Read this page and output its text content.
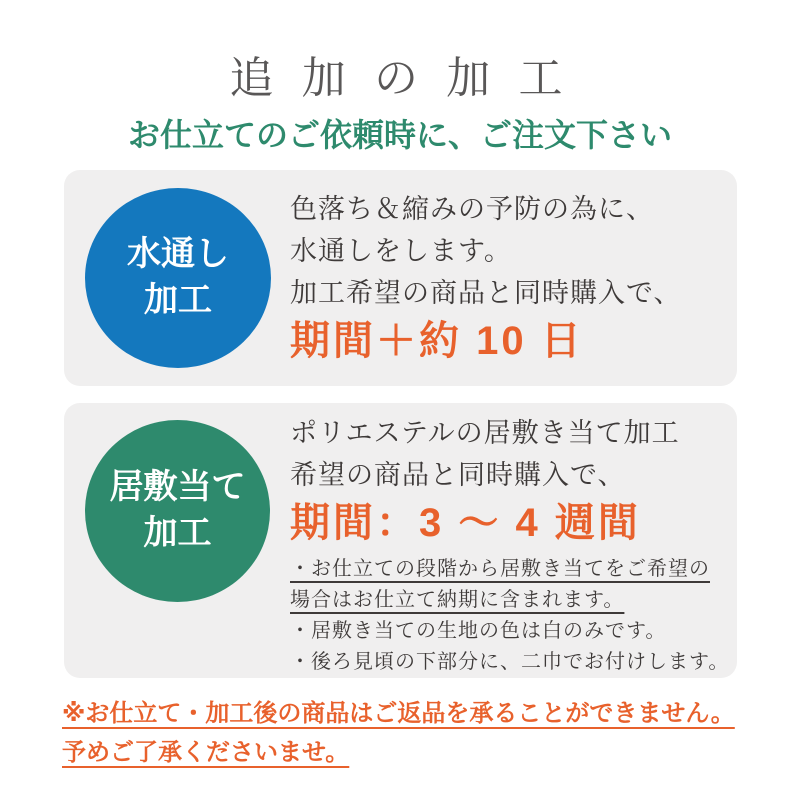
追 加 の 加 工
お仕立てのご依頼時に、ご注文下さい
水通し
加工
色落ち＆縮みの予防の為に、
水通しをします。
加工希望の商品と同時購入で、
期間＋約 10 日
居敷当て
加工
ポリエステルの居敷き当て加工
希望の商品と同時購入で、
期間：3 〜 4 週間
・お仕立ての段階から居敷き当てをご希望の
場合はお仕立て納期に含まれます。
・居敷き当ての生地の色は白のみです。
・後ろ見頃の下部分に、二巾でお付けします。
※お仕立て・加工後の商品はご返品を承ることができません。
予めご了承くださいませ。
